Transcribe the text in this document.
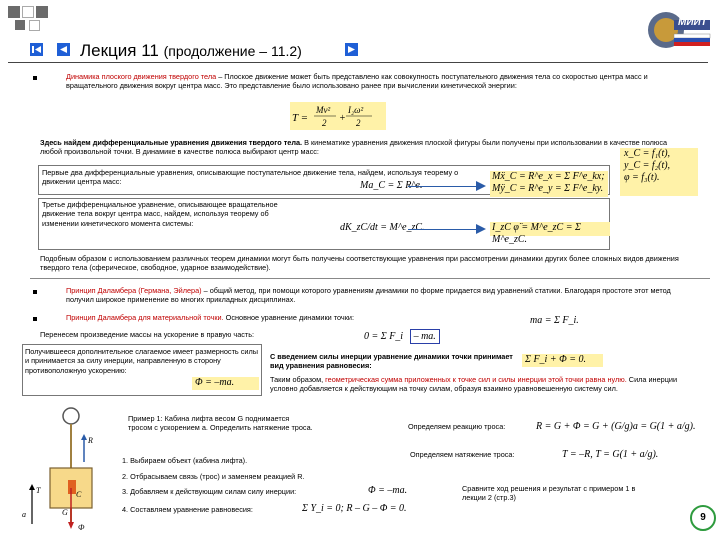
МИИТ
Лекция 11 (продолжение – 11.2)
Динамика плоского движения твердого тела – Плоское движение может быть представлено как совокупность поступательного движения тела со скоростью центра масс и вращательного движения вокруг центра масс. Это представление было использовано ранее при вычислении кинетической энергии:
T =
Mv²
2 +
I₂ω²
2
Здесь найдем дифференциальные уравнения движения твердого тела. В кинематике уравнения движения плоской фигуры были получены при использовании в качестве полюса любой произвольной точки. В динамике в качестве полюса выбирают центр масс:	x_C = f₁(t),
y_C = f₂(t),
φ = f₃(t).
Первые два дифференциальные уравнения, описывающие поступательное движение тела, найдем, используя теорему о движении центра масс:	Ma_C = Σ R^e.
Mẍ_C = R^e_x = Σ F^e_kx;
Mÿ_C = R^e_y = Σ F^e_ky.
Третье дифференциальное уравнение, описывающее вращательное движение тела вокруг центра масс, найдем, используя теорему об изменении кинетического момента системы:	dK_zC/dt = M^e_zC.	I_zC φ̈ = M^e_zC = Σ M^e_zC.
Подобным образом с использованием различных теорем динамики могут быть получены соответствующие уравнения при рассмотрении динамики других более сложных видов движения твердого тела (сферическое, свободное, ударное взаимодействие).
Принцип Даламбера (Германа, Эйлера) – общий метод, при помощи которого уравнениям динамики по форме придается вид уравнений статики. Благодаря простоте этот метод получил широкое применение во многих прикладных дисциплинах.
Принцип Даламбера для материальной точки. Основное уравнение динамики точки:	ma = Σ F_i.
Перенесем произведение массы на ускорение в правую часть:	0 = Σ F_i – ma.
Получившееся дополнительное слагаемое имеет размерность силы и принимается за силу инерции, направленную в сторону противоположную ускорению:
Φ = –ma.
С введением силы инерции уравнение динамики точки принимает вид уравнения равновесия:
Σ F_i + Φ = 0.
Таким образом, геометрическая сумма приложенных к точке сил и силы инерции этой точки равна нулю. Сила инерции условно добавляется к действующим на точку силам, образуя взаимно уравновешенную систему сил.
Пример 1: Кабина лифта весом G поднимается тросом с ускорением a. Определить натяжение троса.
1. Выбираем объект (кабина лифта).
2. Отбрасываем связь (трос) и заменяем реакцией R.
3. Добавляем к действующим силам силу инерции:	Φ = –ma.
4. Составляем уравнение равновесия:	Σ Y_i = 0; R – G – Φ = 0.
Определяем реакцию троса:	R = G + Φ = G + (G/g)a = G(1 + a/g).
Определяем натяжение троса:	T = –R, T = G(1 + a/g).
Сравните ход решения и результат с примером 1 в лекции 2 (стр.3)
9
R
T	C
G
Ф
a
